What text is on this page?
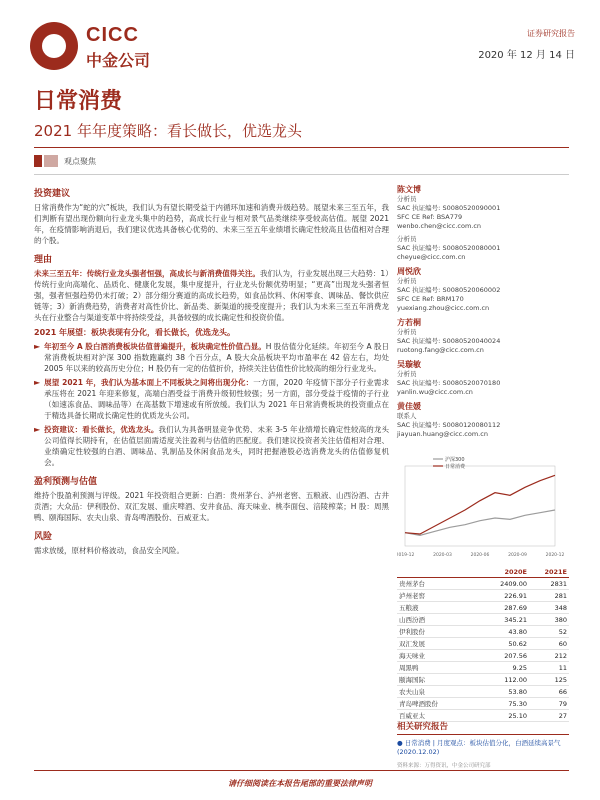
CICC
中金公司
证券研究报告
2020 年 12 月 14 日
日常消费
2021 年年度策略：看长做长，优选龙头
观点聚焦
投资建议
日常消费作为“蛇的穴”板块，我们认为有望长期受益于内循环加速和消费升级趋势。展望未来三至五年，我们判断有望出现份额向行业龙头集中的趋势，高成长行业与相对景气品类继续享受较高估值。展望 2021 年，在疫情影响消退后，我们建议优选具备核心优势的、未来三至五年业绩增长确定性较高且估值相对合理的个股。
理由
未来三至五年：传统行业龙头强者恒强，高成长与新消费值得关注。我们认为，行业发展出现三大趋势：1）传统行业向高端化、品质化、健康化发展，集中度提升，行业龙头份额优势明显；“更高”出现龙头强者恒强，强者恒强趋势仍未打破；2）部分细分赛道的高成长趋势，如食品饮料、休闲零食、调味品、餐饮供应链等；3）新消费趋势，消费者对高性价比、新品类、新渠道的接受度提升；我们认为未来三至五年消费龙头在行业整合与渠道变革中将持续受益，具备较强的成长确定性和投资价值。
2021 年展望：板块表现有分化，看长做长，优选龙头。
► 年初至今 A 股白酒消费板块估值普遍提升，板块确定性价值凸显。H 股估值分化延续。年初至今 A 股日常消费板块相对沪深 300 指数跑赢约 38 个百分点，A 股大众品板块平均市盈率在 42 倍左右，均处 2005 年以来的较高历史分位；H 股仍有一定的估值折价，持续关注估值性价比较高的细分行业龙头。
► 展望 2021 年，我们认为基本面上不同板块之间将出现分化：一方面，2020 年疫情下部分子行业需求承压将在 2021 年迎来修复，高端白酒受益于消费升级韧性较强；另一方面，部分受益于疫情的子行业（如速冻食品、调味品等）在高基数下增速或有所放缓。我们认为 2021 年日常消费板块的投资重点在于精选具备长期成长确定性的优质龙头公司。
► 投资建议：看长做长，优选龙头。我们认为具备明显竞争优势、未来 3-5 年业绩增长确定性较高的龙头公司值得长期持有，在估值层面需适度关注盈利与估值的匹配度。我们建议投资者关注估值相对合理、业绩确定性较强的白酒、调味品、乳制品及休闲食品龙头，同时把握港股必选消费龙头的估值修复机会。
盈利预测与估值
维持个股盈利预测与评级。2021 年投资组合更新：白酒：贵州茅台、泸州老窖、五粮液、山西汾酒、古井贡酒；大众品：伊利股份、双汇发展、重庆啤酒、安井食品、海天味业、桃李面包、涪陵榨菜；H 股：周黑鸭、颐海国际、农夫山泉、青岛啤酒股份、百威亚太。
风险
需求放缓，原材料价格波动，食品安全风险。
陈文博
分析员
SAC 执证编号: S0080520090001
SFC CE Ref: BSA779
wenbo.chen@cicc.com.cn
分析员
SAC 执证编号: S0080520080001
cheyue@cicc.com.cn
周悦欣
分析员
SAC 执证编号: S0080520060002
SFC CE Ref: BRM170
yuexiang.zhou@cicc.com.cn
方若桐
分析员
SAC 执证编号: S0080520040024
ruotong.fang@cicc.com.cn
吴璇敏
分析员
SAC 执证编号: S0080520070180
yanlin.wu@cicc.com.cn
黄佳媛
联系人
SAC 执证编号: S0080120080112
jiayuan.huang@cicc.com.cn
沪深300
日常消费
2019-12	2020-03	2020-06	2020-09	2020-12
2020E	2021E
贵州茅台	2409.00	2831
泸州老窖	226.91	281
五粮液	287.69	348
山西汾酒	345.21	380
伊利股份	43.80	52
双汇发展	50.62	60
海天味业	207.56	212
周黑鸭	9.25	11
颐海国际	112.00	125
农夫山泉	53.80	66
青岛啤酒股份	75.30	79
百威亚太	25.10	27
相关研究报告
● 日常消费 | 月度观点：板块估值分化，白酒延续高景气 (2020.12.02)
资料来源：万得资讯，中金公司研究部
请仔细阅读在本报告尾部的重要法律声明
